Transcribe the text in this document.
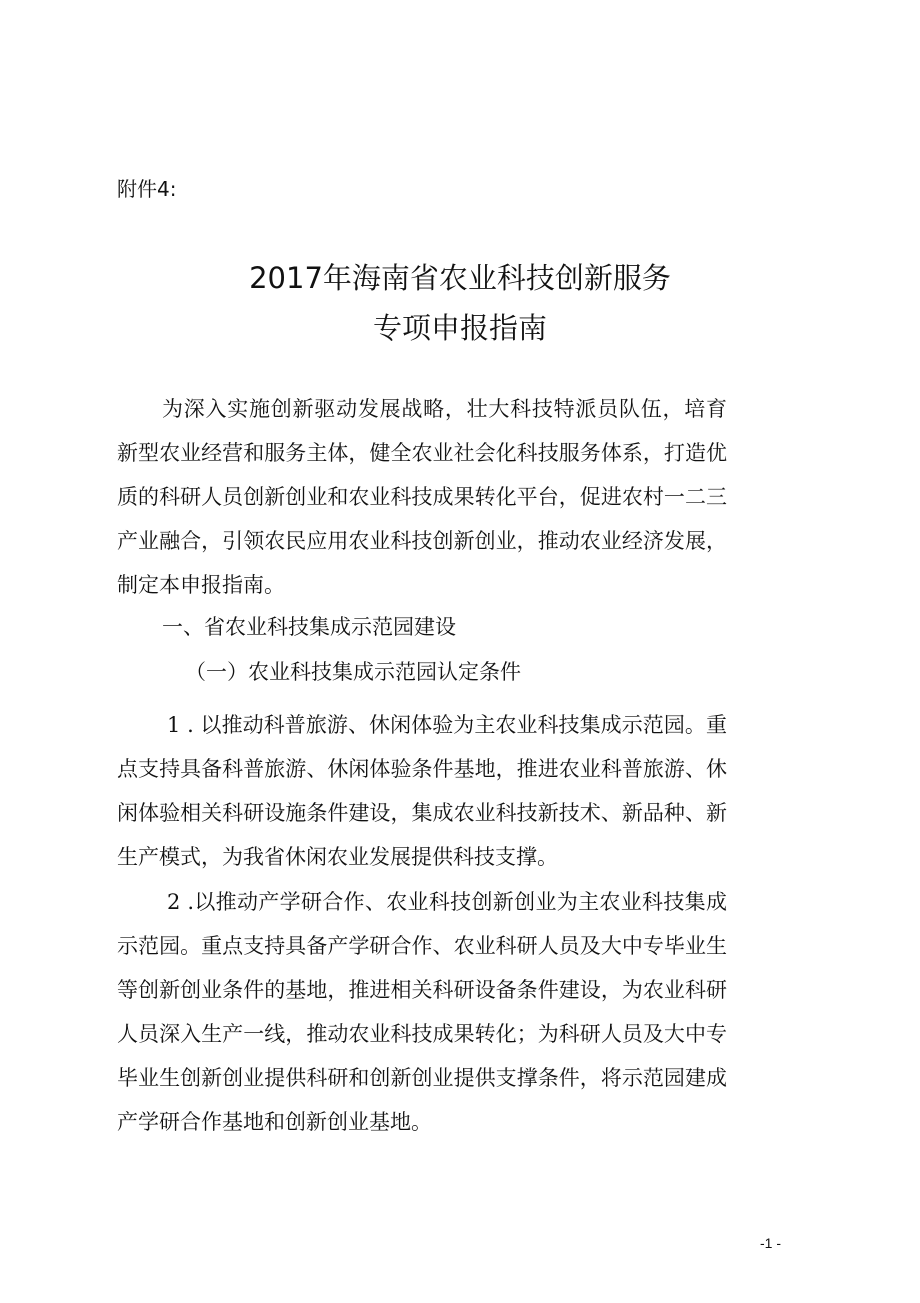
附件4:
2017年海南省农业科技创新服务
专项申报指南
为深入实施创新驱动发展战略，壮大科技特派员队伍，培育新型农业经营和服务主体，健全农业社会化科技服务体系，打造优质的科研人员创新创业和农业科技成果转化平台，促进农村一二三产业融合，引领农民应用农业科技创新创业，推动农业经济发展，制定本申报指南。
一、省农业科技集成示范园建设
（一）农业科技集成示范园认定条件
1 . 以推动科普旅游、休闲体验为主农业科技集成示范园。重点支持具备科普旅游、休闲体验条件基地，推进农业科普旅游、休闲体验相关科研设施条件建设，集成农业科技新技术、新品种、新生产模式，为我省休闲农业发展提供科技支撑。
2 .以推动产学研合作、农业科技创新创业为主农业科技集成示范园。重点支持具备产学研合作、农业科研人员及大中专毕业生等创新创业条件的基地，推进相关科研设备条件建设，为农业科研人员深入生产一线，推动农业科技成果转化；为科研人员及大中专毕业生创新创业提供科研和创新创业提供支撑条件，将示范园建成产学研合作基地和创新创业基地。
-1 -
